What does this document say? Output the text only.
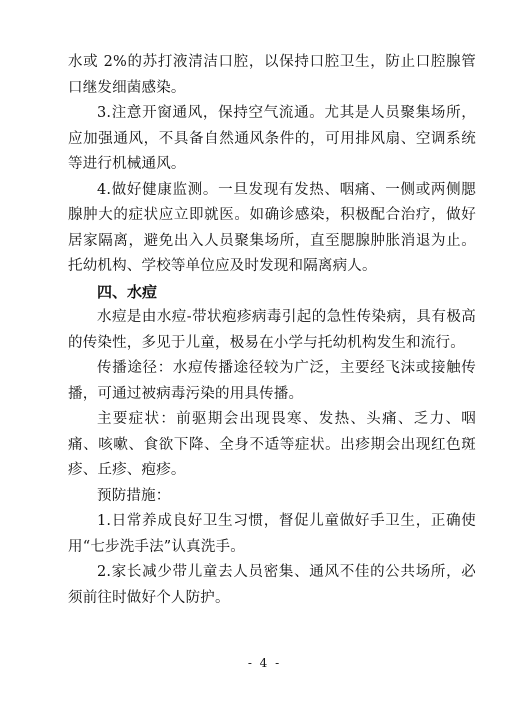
水或 2%的苏打液清洁口腔，以保持口腔卫生，防止口腔腺管口继发细菌感染。

3.注意开窗通风，保持空气流通。尤其是人员聚集场所，应加强通风，不具备自然通风条件的，可用排风扇、空调系统等进行机械通风。

4.做好健康监测。一旦发现有发热、咽痛、一侧或两侧腮腺肿大的症状应立即就医。如确诊感染，积极配合治疗，做好居家隔离，避免出入人员聚集场所，直至腮腺肿胀消退为止。托幼机构、学校等单位应及时发现和隔离病人。

四、水痘

水痘是由水痘-带状疱疹病毒引起的急性传染病，具有极高的传染性，多见于儿童，极易在小学与托幼机构发生和流行。

传播途径：水痘传播途径较为广泛，主要经飞沫或接触传播，可通过被病毒污染的用具传播。

主要症状：前驱期会出现畏寒、发热、头痛、乏力、咽痛、咳嗽、食欲下降、全身不适等症状。出疹期会出现红色斑疹、丘疹、疱疹。

预防措施：

1.日常养成良好卫生习惯，督促儿童做好手卫生，正确使用“七步洗手法”认真洗手。

2.家长减少带儿童去人员密集、通风不佳的公共场所，必须前往时做好个人防护。

- 4 -
